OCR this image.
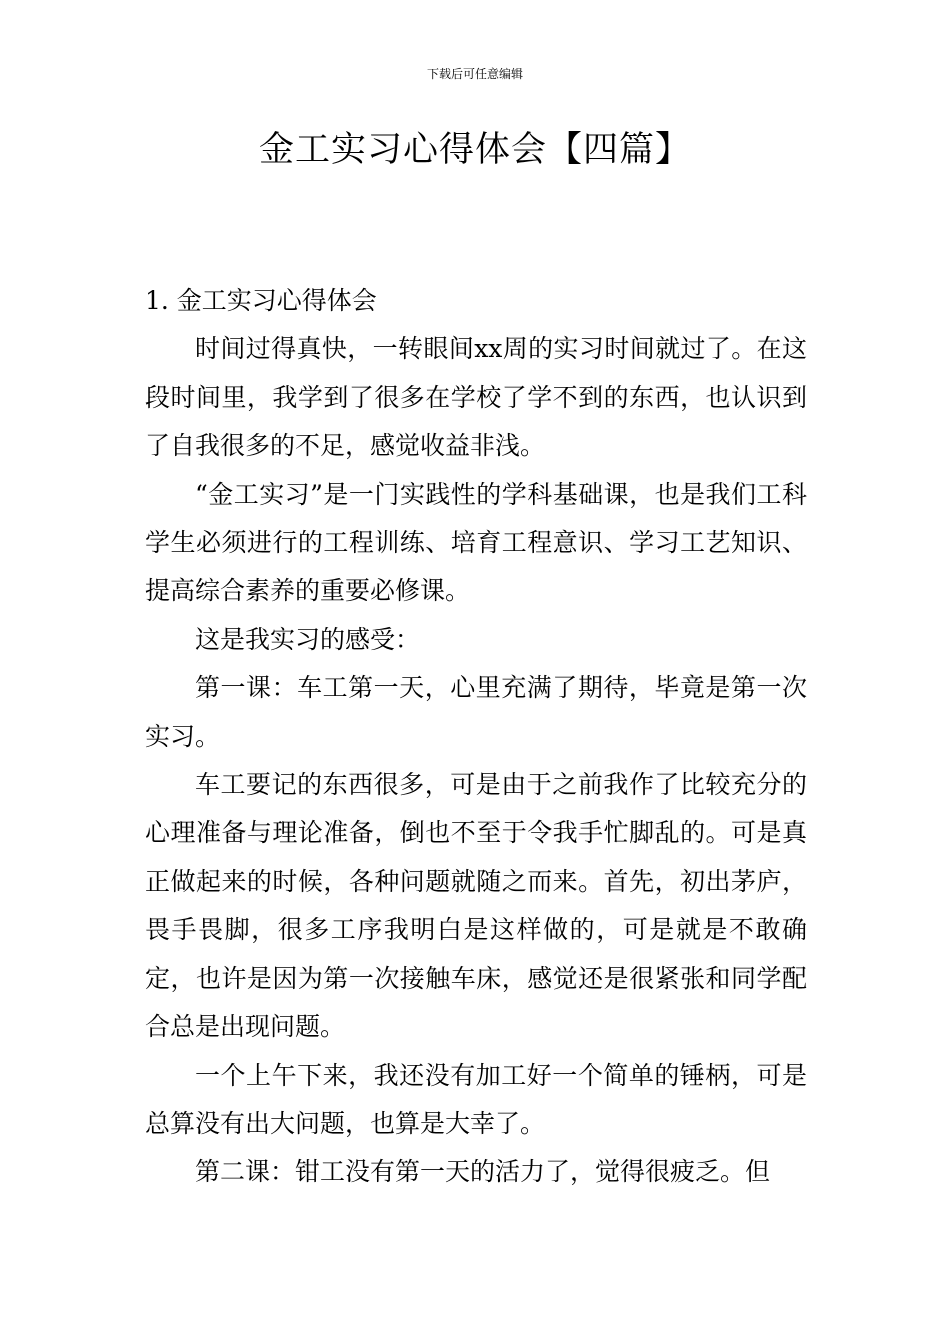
下载后可任意编辑
金工实习心得体会【四篇】
1. 金工实习心得体会

时间过得真快，一转眼间xx周的实习时间就过了。在这段时间里，我学到了很多在学校了学不到的东西，也认识到了自我很多的不足，感觉收益非浅。

“金工实习”是一门实践性的学科基础课，也是我们工科学生必须进行的工程训练、培育工程意识、学习工艺知识、提高综合素养的重要必修课。

这是我实习的感受：

第一课：车工第一天，心里充满了期待，毕竟是第一次实习。

车工要记的东西很多，可是由于之前我作了比较充分的心理准备与理论准备，倒也不至于令我手忙脚乱的。可是真正做起来的时候，各种问题就随之而来。首先，初出茅庐，畏手畏脚，很多工序我明白是这样做的，可是就是不敢确定，也许是因为第一次接触车床，感觉还是很紧张和同学配合总是出现问题。

一个上午下来，我还没有加工好一个简单的锤柄，可是总算没有出大问题，也算是大幸了。

第二课：钳工没有第一天的活力了，觉得很疲乏。但
